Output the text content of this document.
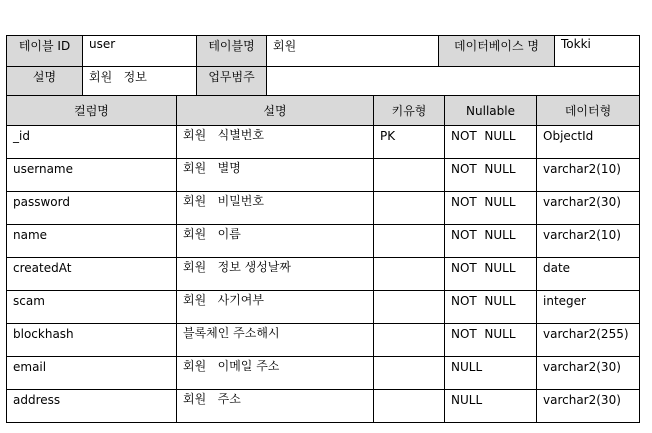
테이블 ID	user	테이블명	회원	데이터베이스 명	Tokki
설명	회원   정보	업무범주			
컬럼명	설명	키유형	Nullable	데이터형
_id	회원   식별번호	PK	NOT  NULL	ObjectId
username	회원   별명		NOT  NULL	varchar2(10)
password	회원   비밀번호		NOT  NULL	varchar2(30)
name	회원   이름		NOT  NULL	varchar2(10)
createdAt	회원   정보 생성날짜		NOT  NULL	date
scam	회원   사기여부		NOT  NULL	integer
blockhash	블록체인 주소해시		NOT  NULL	varchar2(255)
email	회원   이메일 주소		NULL	varchar2(30)
address	회원   주소		NULL	varchar2(30)
